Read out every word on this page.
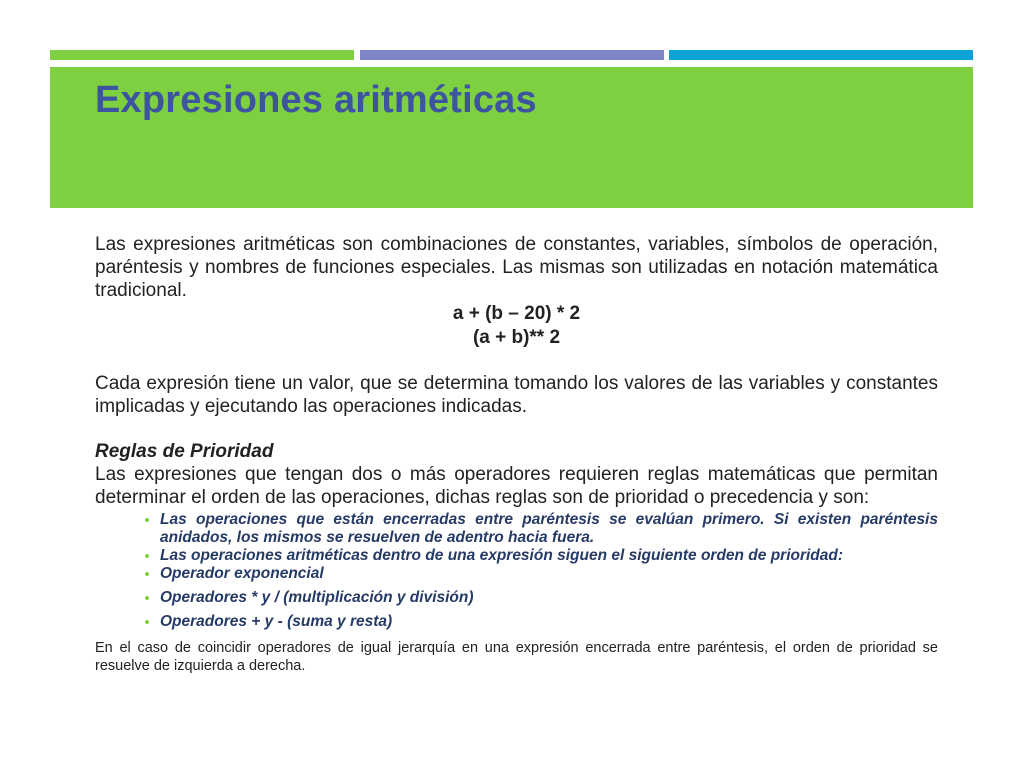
Expresiones aritméticas

Las expresiones aritméticas son combinaciones de constantes, variables, símbolos de operación, paréntesis y nombres de funciones especiales. Las mismas son utilizadas en notación matemática tradicional.

a + (b – 20) * 2

(a + b)** 2

Cada expresión tiene un valor, que se determina tomando los valores de las variables y constantes implicadas y ejecutando las operaciones indicadas.

Reglas de Prioridad

Las expresiones que tengan dos o más operadores requieren reglas matemáticas que permitan determinar el orden de las operaciones, dichas reglas son de prioridad o precedencia y son:

Las operaciones que están encerradas entre paréntesis se evalúan primero. Si existen paréntesis anidados, los mismos se resuelven de adentro hacia fuera.
Las operaciones aritméticas dentro de una expresión siguen el siguiente orden de prioridad:
Operador exponencial
Operadores * y / (multiplicación y división)
Operadores + y - (suma y resta)

En el caso de coincidir operadores de igual jerarquía en una expresión encerrada entre paréntesis, el orden de prioridad se resuelve de izquierda a derecha.
